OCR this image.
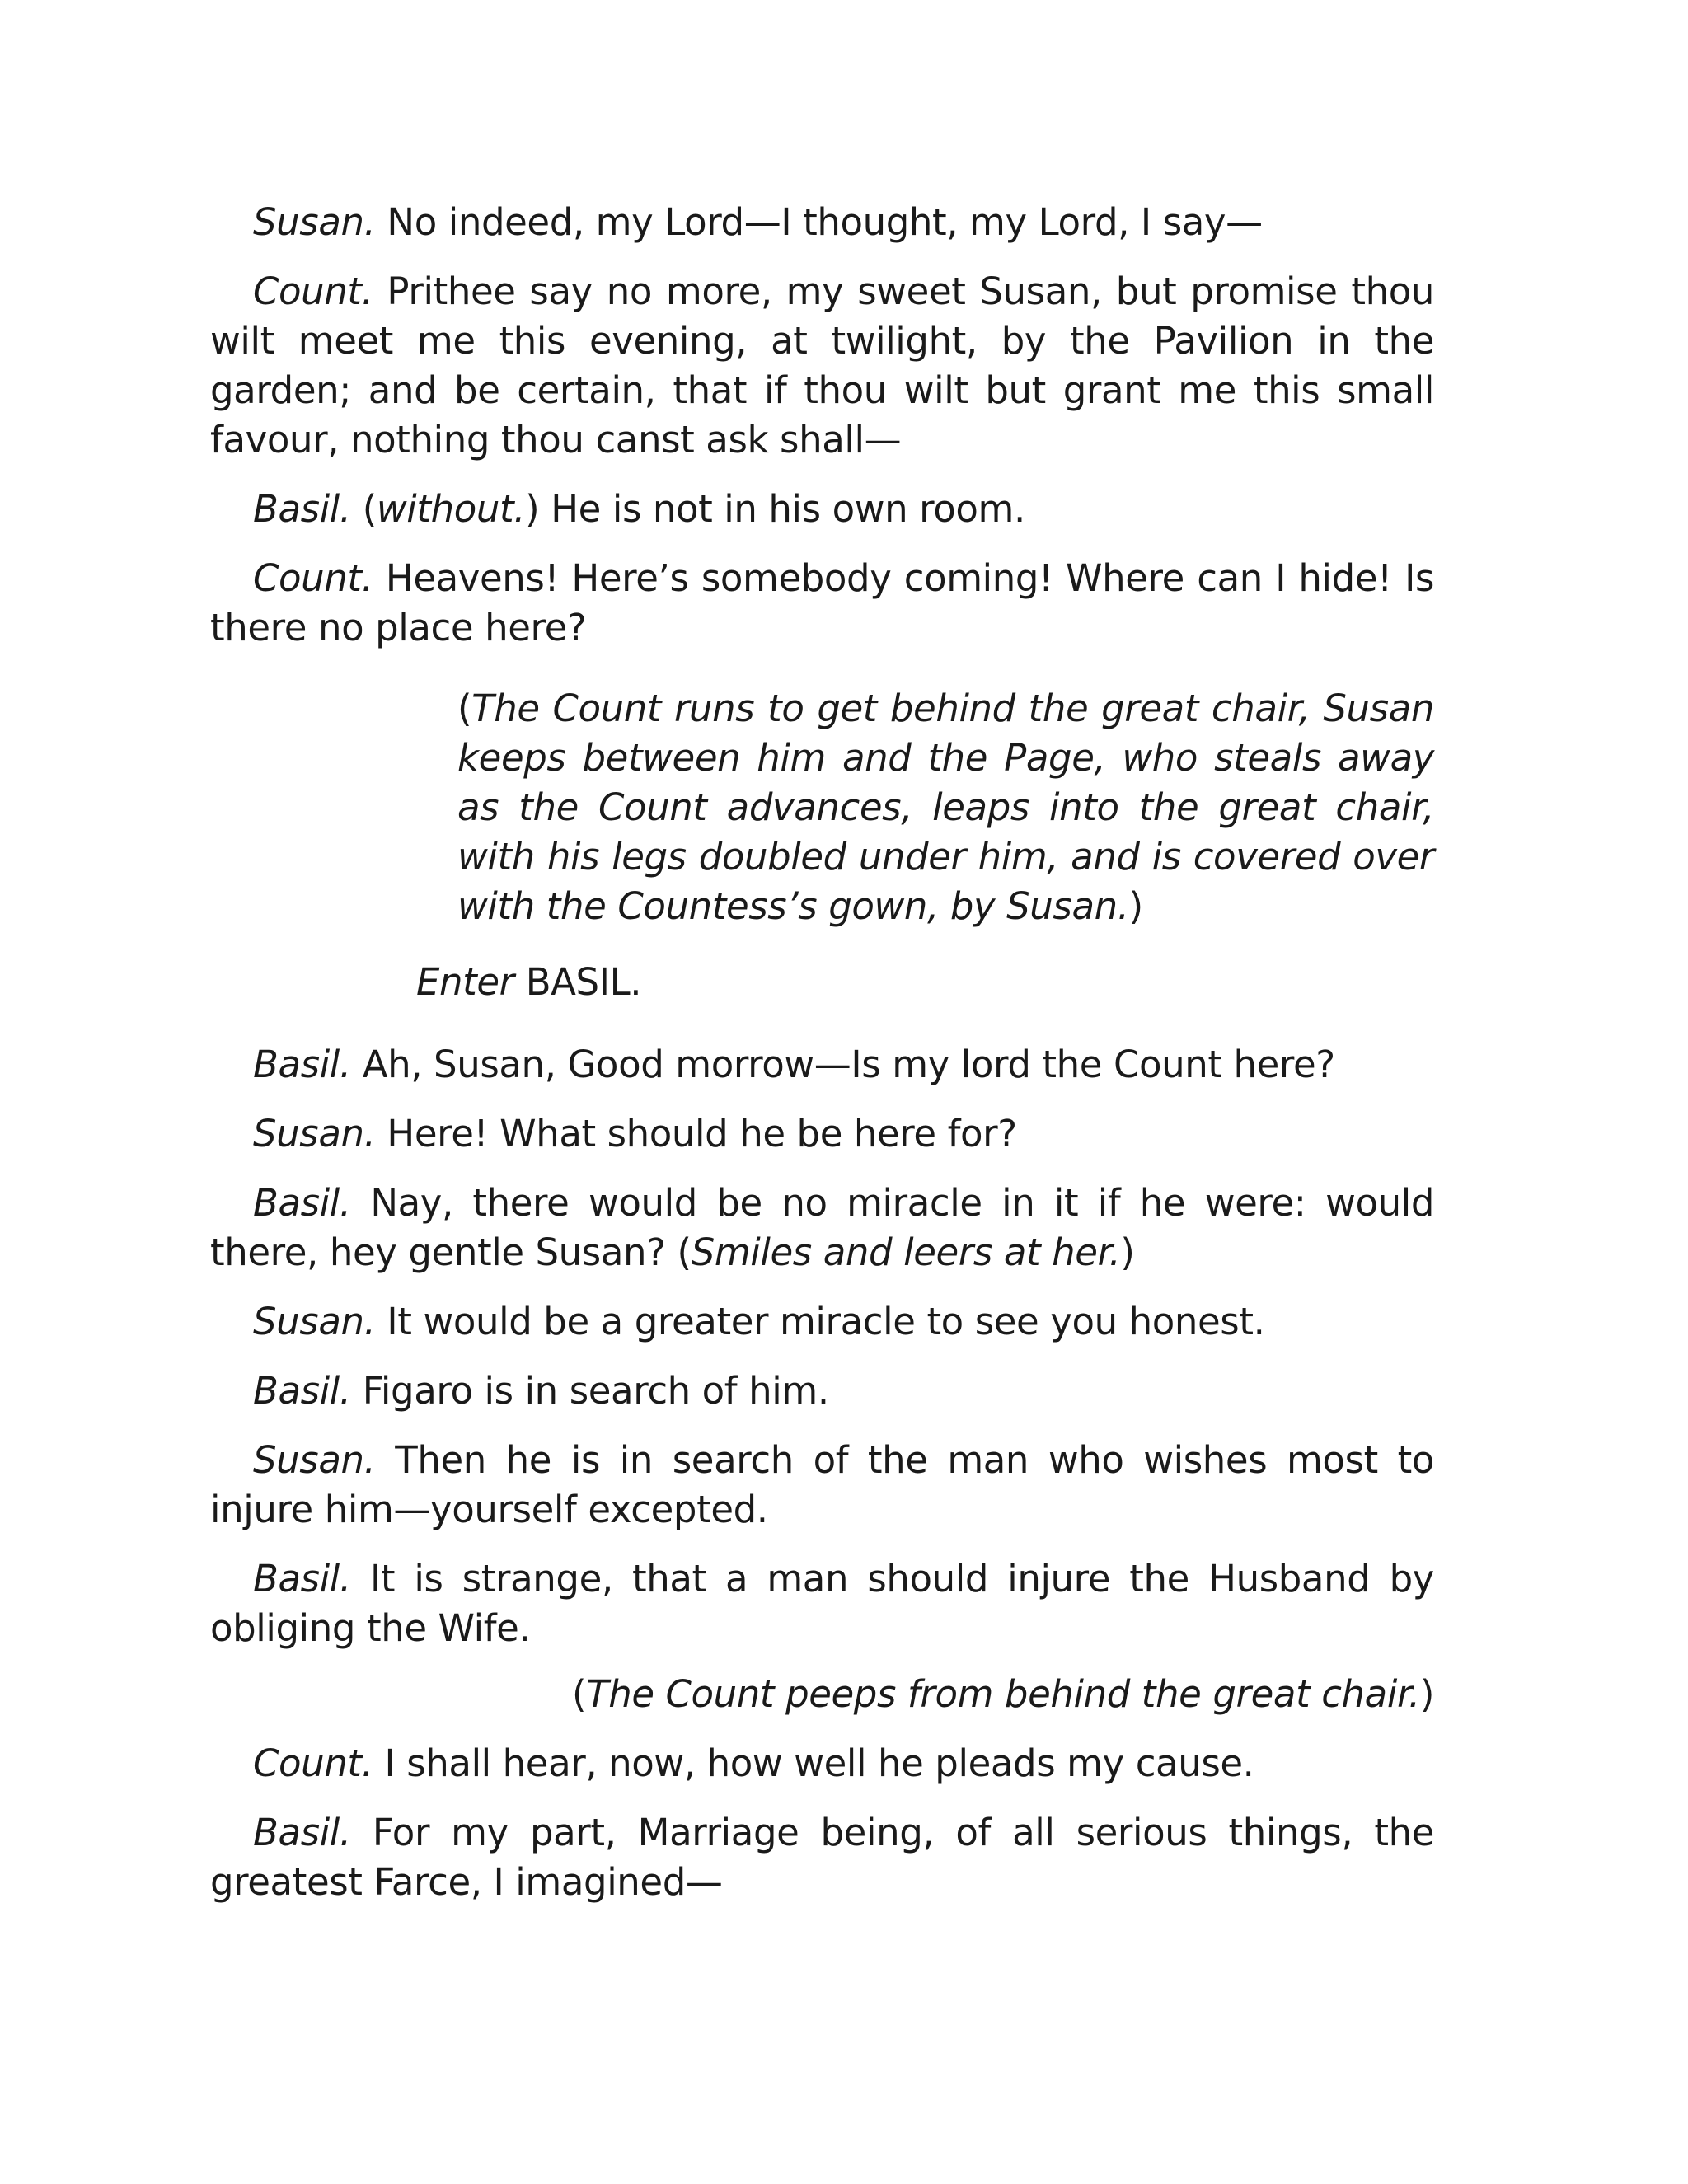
Susan. No indeed, my Lord—I thought, my Lord, I say—

Count. Prithee say no more, my sweet Susan, but promise thou wilt meet me this evening, at twilight, by the Pavilion in the garden; and be certain, that if thou wilt but grant me this small favour, nothing thou canst ask shall—

Basil. (without.) He is not in his own room.

Count. Heavens! Here’s somebody coming! Where can I hide! Is there no place here?

(The Count runs to get behind the great chair, Susan keeps between him and the Page, who steals away as the Count advances, leaps into the great chair, with his legs doubled under him, and is covered over with the Countess’s gown, by Susan.)

Enter BASIL.

Basil. Ah, Susan, Good morrow—Is my lord the Count here?

Susan. Here! What should he be here for?

Basil. Nay, there would be no miracle in it if he were: would there, hey gentle Susan? (Smiles and leers at her.)

Susan. It would be a greater miracle to see you honest.

Basil. Figaro is in search of him.

Susan. Then he is in search of the man who wishes most to injure him—yourself excepted.

Basil. It is strange, that a man should injure the Husband by obliging the Wife.

(The Count peeps from behind the great chair.)

Count. I shall hear, now, how well he pleads my cause.

Basil. For my part, Marriage being, of all serious things, the greatest Farce, I imagined—
